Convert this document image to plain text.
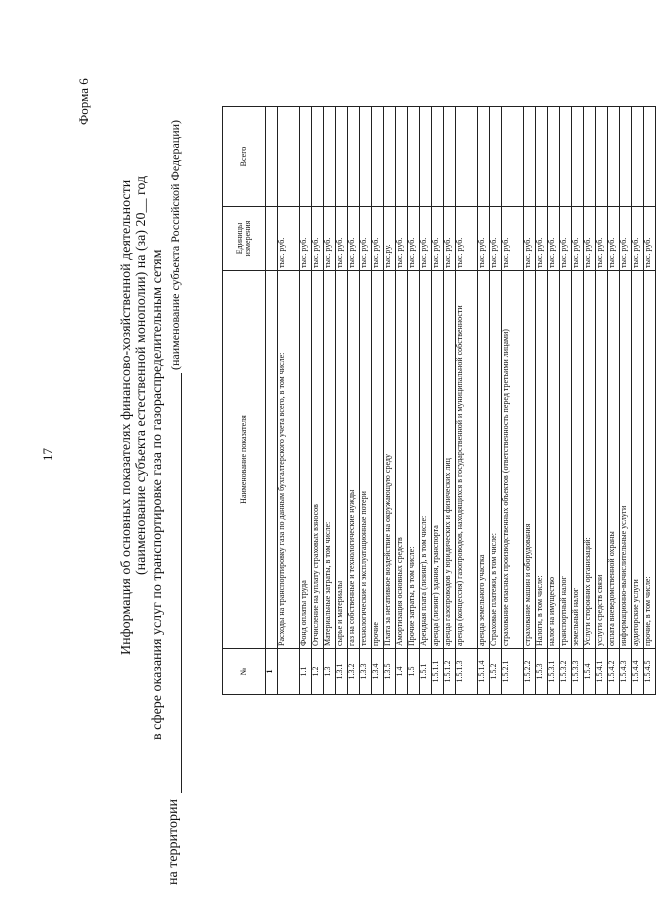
Форма 6
17	Информация об основных показателях финансово-хозяйственной деятельности (наименование субъекта естественной монополии) на (за) 20__ год в сфере оказания услуг по транспортировке газа по газораспределительным сетям
на территории
(наименование субъекта Российской Федерации)
№	Наименование показателя	Единицы измерения	Всего
1			
	Расходы на транспортировку газа по данным бухгалтерского учета всего, в том числе:	тыс. руб.	
1.1	Фонд оплаты труда	тыс. руб.	
1.2	Отчисление на уплату страховых взносов	тыс. руб.	
1.3	Материальные затраты, в том числе:	тыс. руб.	
1.3.1	сырье и материалы	тыс. руб.	
1.3.2	газ на собственные и технологические нужды	тыс. руб.	
1.3.3	технологические и эксплуатационные потери	тыс. руб.	
1.3.4	прочие	тыс. руб.	
1.3.5	Плата за негативное воздействие на окружающую среду	тыс.ру.	
1.4	Амортизация основных средств	тыс. руб.	
1.5	Прочие затраты, в том числе:	тыс. руб.	
1.5.1	Арендная плата (лизинг), в том числе:	тыс. руб.	
1.5.1.1	аренда (лизинг) здания, транспорта	тыс. руб.	
1.5.1.2	аренда газопроводов у юридических и физических лиц	тыс. руб.	
1.5.1.3	аренда (концессия) газопроводов, находящихся в государственной и муниципальной собственности	тыс. руб.	
1.5.1.4	аренда земельного участка	тыс. руб.	
1.5.2	Страховые платежи, в том числе:	тыс. руб.	
1.5.2.1	страхование опасных производственных объектов (ответственность перед третьими лицами)	тыс. руб.	
1.5.2.2	страхование машин и оборудования	тыс. руб.	
1.5.3	Налоги, в том числе:	тыс. руб.	
1.5.3.1	налог на имущество	тыс. руб.	
1.5.3.2	транспортный налог	тыс. руб.	
1.5.3.3	земельный налог	тыс. руб.	
1.5.4	Услуги сторонних организаций:	тыс. руб.	
1.5.4.1	услуги средств связи	тыс. руб.	
1.5.4.2	оплата вневедомственной охраны	тыс. руб.	
1.5.4.3	информационно-вычислительные услуги	тыс. руб.	
1.5.4.4	аудиторские услуги	тыс. руб.	
1.5.4.5	прочие, в том числе:	тыс. руб.	
